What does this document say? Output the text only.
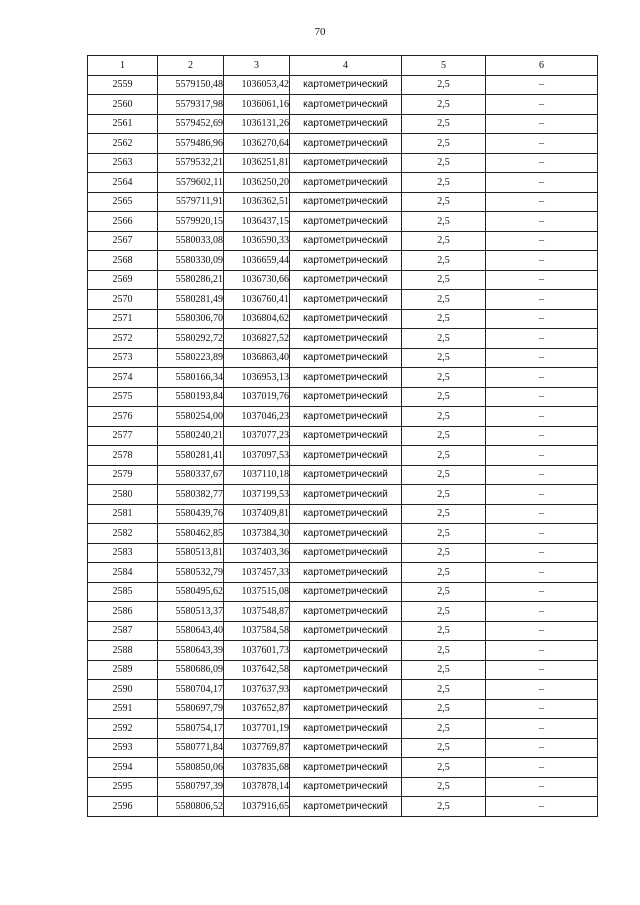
70
1	2	3	4	5	6
2559	5579150,48	1036053,42	картометрический	2,5	–
2560	5579317,98	1036061,16	картометрический	2,5	–
2561	5579452,69	1036131,26	картометрический	2,5	–
2562	5579486,96	1036270,64	картометрический	2,5	–
2563	5579532,21	1036251,81	картометрический	2,5	–
2564	5579602,11	1036250,20	картометрический	2,5	–
2565	5579711,91	1036362,51	картометрический	2,5	–
2566	5579920,15	1036437,15	картометрический	2,5	–
2567	5580033,08	1036590,33	картометрический	2,5	–
2568	5580330,09	1036659,44	картометрический	2,5	–
2569	5580286,21	1036730,66	картометрический	2,5	–
2570	5580281,49	1036760,41	картометрический	2,5	–
2571	5580306,70	1036804,62	картометрический	2,5	–
2572	5580292,72	1036827,52	картометрический	2,5	–
2573	5580223,89	1036863,40	картометрический	2,5	–
2574	5580166,34	1036953,13	картометрический	2,5	–
2575	5580193,84	1037019,76	картометрический	2,5	–
2576	5580254,00	1037046,23	картометрический	2,5	–
2577	5580240,21	1037077,23	картометрический	2,5	–
2578	5580281,41	1037097,53	картометрический	2,5	–
2579	5580337,67	1037110,18	картометрический	2,5	–
2580	5580382,77	1037199,53	картометрический	2,5	–
2581	5580439,76	1037409,81	картометрический	2,5	–
2582	5580462,85	1037384,30	картометрический	2,5	–
2583	5580513,81	1037403,36	картометрический	2,5	–
2584	5580532,79	1037457,33	картометрический	2,5	–
2585	5580495,62	1037515,08	картометрический	2,5	–
2586	5580513,37	1037548,87	картометрический	2,5	–
2587	5580643,40	1037584,58	картометрический	2,5	–
2588	5580643,39	1037601,73	картометрический	2,5	–
2589	5580686,09	1037642,58	картометрический	2,5	–
2590	5580704,17	1037637,93	картометрический	2,5	–
2591	5580697,79	1037652,87	картометрический	2,5	–
2592	5580754,17	1037701,19	картометрический	2,5	–
2593	5580771,84	1037769,87	картометрический	2,5	–
2594	5580850,06	1037835,68	картометрический	2,5	–
2595	5580797,39	1037878,14	картометрический	2,5	–
2596	5580806,52	1037916,65	картометрический	2,5	–
